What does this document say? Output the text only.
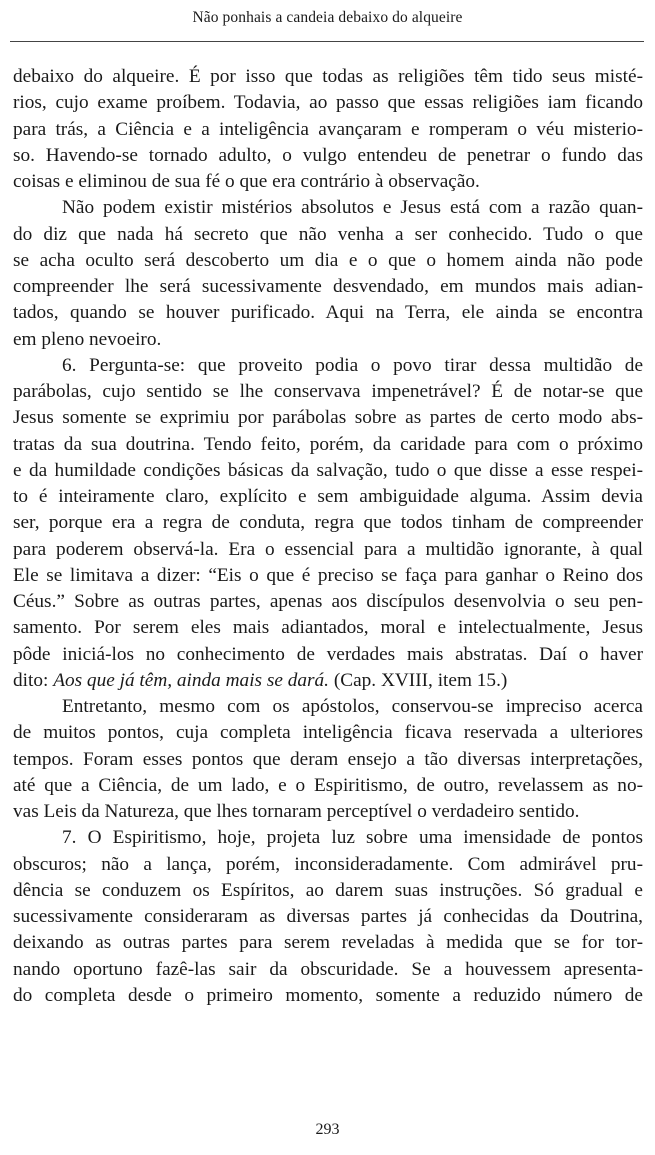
Não ponhais a candeia debaixo do alqueire
debaixo do alqueire. É por isso que todas as religiões têm tido seus misté-
rios, cujo exame proíbem. Todavia, ao passo que essas religiões iam ficando
para trás, a Ciência e a inteligência avançaram e romperam o véu misterio-
so. Havendo-se tornado adulto, o vulgo entendeu de penetrar o fundo das
coisas e eliminou de sua fé o que era contrário à observação.
Não podem existir mistérios absolutos e Jesus está com a razão quan-
do diz que nada há secreto que não venha a ser conhecido. Tudo o que
se acha oculto será descoberto um dia e o que o homem ainda não pode
compreender lhe será sucessivamente desvendado, em mundos mais adian-
tados, quando se houver purificado. Aqui na Terra, ele ainda se encontra
em pleno nevoeiro.
6. Pergunta-se: que proveito podia o povo tirar dessa multidão de
parábolas, cujo sentido se lhe conservava impenetrável? É de notar-se que
Jesus somente se exprimiu por parábolas sobre as partes de certo modo abs-
tratas da sua doutrina. Tendo feito, porém, da caridade para com o próximo
e da humildade condições básicas da salvação, tudo o que disse a esse respei-
to é inteiramente claro, explícito e sem ambiguidade alguma. Assim devia
ser, porque era a regra de conduta, regra que todos tinham de compreender
para poderem observá-la. Era o essencial para a multidão ignorante, à qual
Ele se limitava a dizer: “Eis o que é preciso se faça para ganhar o Reino dos
Céus.” Sobre as outras partes, apenas aos discípulos desenvolvia o seu pen-
samento. Por serem eles mais adiantados, moral e intelectualmente, Jesus
pôde iniciá-los no conhecimento de verdades mais abstratas. Daí o haver
dito: Aos que já têm, ainda mais se dará. (Cap. XVIII, item 15.)
Entretanto, mesmo com os apóstolos, conservou-se impreciso acerca
de muitos pontos, cuja completa inteligência ficava reservada a ulteriores
tempos. Foram esses pontos que deram ensejo a tão diversas interpretações,
até que a Ciência, de um lado, e o Espiritismo, de outro, revelassem as no-
vas Leis da Natureza, que lhes tornaram perceptível o verdadeiro sentido.
7. O Espiritismo, hoje, projeta luz sobre uma imensidade de pontos
obscuros; não a lança, porém, inconsideradamente. Com admirável pru-
dência se conduzem os Espíritos, ao darem suas instruções. Só gradual e
sucessivamente consideraram as diversas partes já conhecidas da Doutrina,
deixando as outras partes para serem reveladas à medida que se for tor-
nando oportuno fazê-las sair da obscuridade. Se a houvessem apresenta-
do completa desde o primeiro momento, somente a reduzido número de
293
